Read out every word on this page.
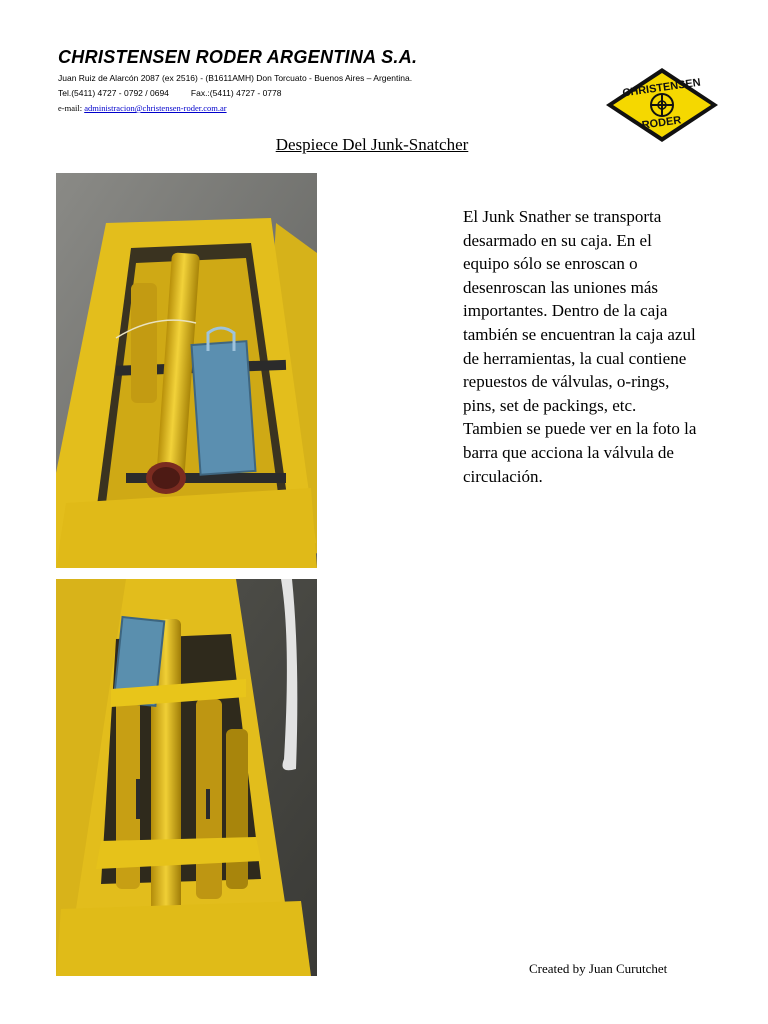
CHRISTENSEN RODER ARGENTINA S.A.
Juan Ruiz de Alarcón 2087 (ex 2516) - (B1611AMH) Don Torcuato - Buenos Aires – Argentina.
Tel.(5411) 4727 - 0792 / 0694	Fax.:(5411) 4727 - 0778
e-mail: administracion@christensen-roder.com.ar
CHRISTENSEN
RODER
Despiece Del Junk-Snatcher

El Junk Snather se transporta desarmado en su caja. En el equipo sólo se enroscan o desenroscan las uniones más importantes. Dentro de la caja también se encuentran la caja azul de herramientas, la cual contiene repuestos de válvulas, o-rings, pins, set de packings, etc. Tambien se puede ver en la foto la barra que acciona la válvula de circulación.

Created by Juan Curutchet
